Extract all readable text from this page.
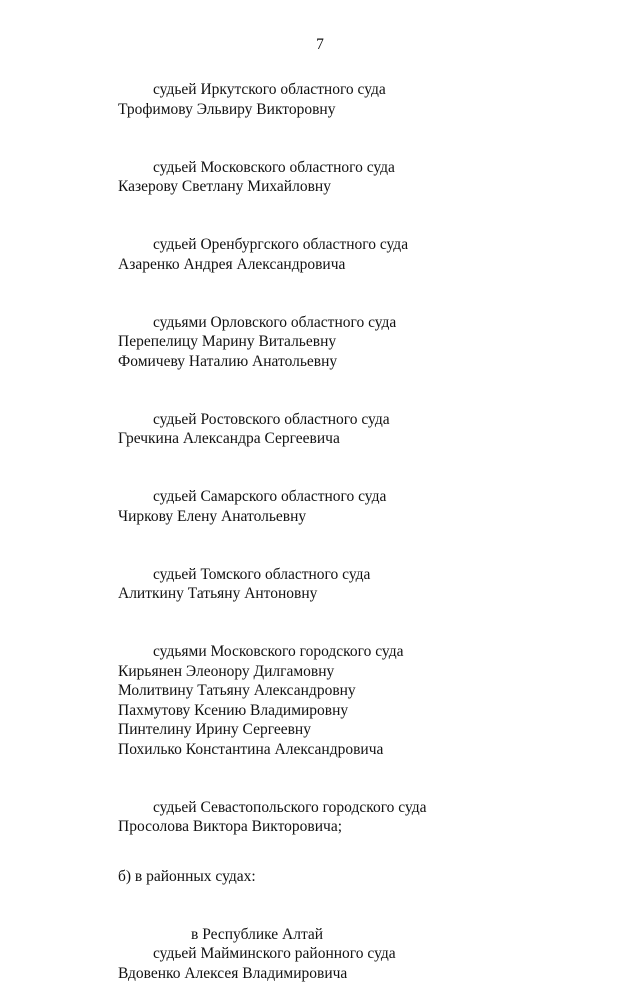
7
судьей Иркутского областного суда
Трофимову Эльвиру Викторовну
судьей Московского областного суда
Казерову Светлану Михайловну
судьей Оренбургского областного суда
Азаренко Андрея Александровича
судьями Орловского областного суда
Перепелицу Марину Витальевну
Фомичеву Наталию Анатольевну
судьей Ростовского областного суда
Гречкина Александра Сергеевича
судьей Самарского областного суда
Чиркову Елену Анатольевну
судьей Томского областного суда
Алиткину Татьяну Антоновну
судьями Московского городского суда
Кирьянен Элеонору Дилгамовну
Молитвину Татьяну Александровну
Пахмутову Ксению Владимировну
Пинтелину Ирину Сергеевну
Похилько Константина Александровича
судьей Севастопольского городского суда
Просолова Виктора Викторовича;
б) в районных судах:
в Республике Алтай
судьей Майминского районного суда
Вдовенко Алексея Владимировича
